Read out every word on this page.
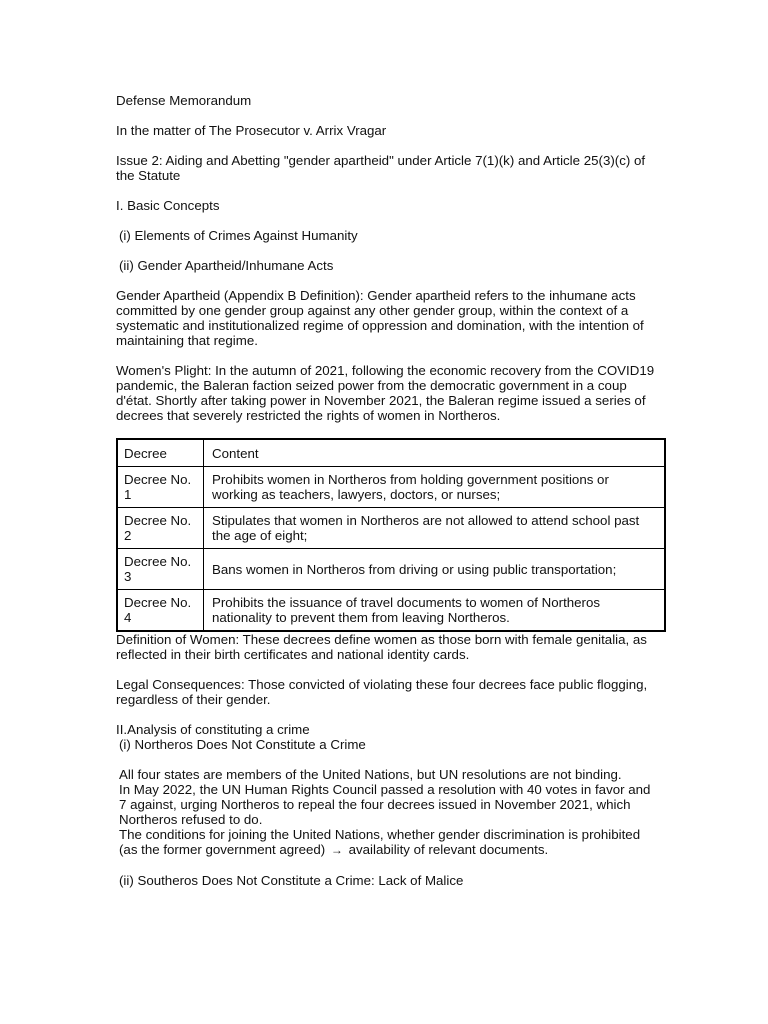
Defense Memorandum

In the matter of The Prosecutor v. Arrix Vragar

Issue 2: Aiding and Abetting "gender apartheid" under Article 7(1)(k) and Article 25(3)(c) of the Statute

I. Basic Concepts

(i) Elements of Crimes Against Humanity

(ii) Gender Apartheid/Inhumane Acts

Gender Apartheid (Appendix B Definition): Gender apartheid refers to the inhumane acts committed by one gender group against any other gender group, within the context of a systematic and institutionalized regime of oppression and domination, with the intention of maintaining that regime.

Women's Plight: In the autumn of 2021, following the economic recovery from the COVID19 pandemic, the Baleran faction seized power from the democratic government in a coup d'état. Shortly after taking power in November 2021, the Baleran regime issued a series of decrees that severely restricted the rights of women in Northeros.

Decree	Content
Decree No. 1	Prohibits women in Northeros from holding government positions or working as teachers, lawyers, doctors, or nurses;
Decree No. 2	Stipulates that women in Northeros are not allowed to attend school past the age of eight;
Decree No. 3	Bans women in Northeros from driving or using public transportation;
Decree No. 4	Prohibits the issuance of travel documents to women of Northeros nationality to prevent them from leaving Northeros.

Definition of Women: These decrees define women as those born with female genitalia, as reflected in their birth certificates and national identity cards.

Legal Consequences: Those convicted of violating these four decrees face public flogging, regardless of their gender.

II.Analysis of constituting a crime

(i) Northeros Does Not Constitute a Crime

All four states are members of the United Nations, but UN resolutions are not binding.

In May 2022, the UN Human Rights Council passed a resolution with 40 votes in favor and 7 against, urging Northeros to repeal the four decrees issued in November 2021, which Northeros refused to do.

The conditions for joining the United Nations, whether gender discrimination is prohibited (as the former government agreed) → availability of relevant documents.

(ii) Southeros Does Not Constitute a Crime: Lack of Malice
